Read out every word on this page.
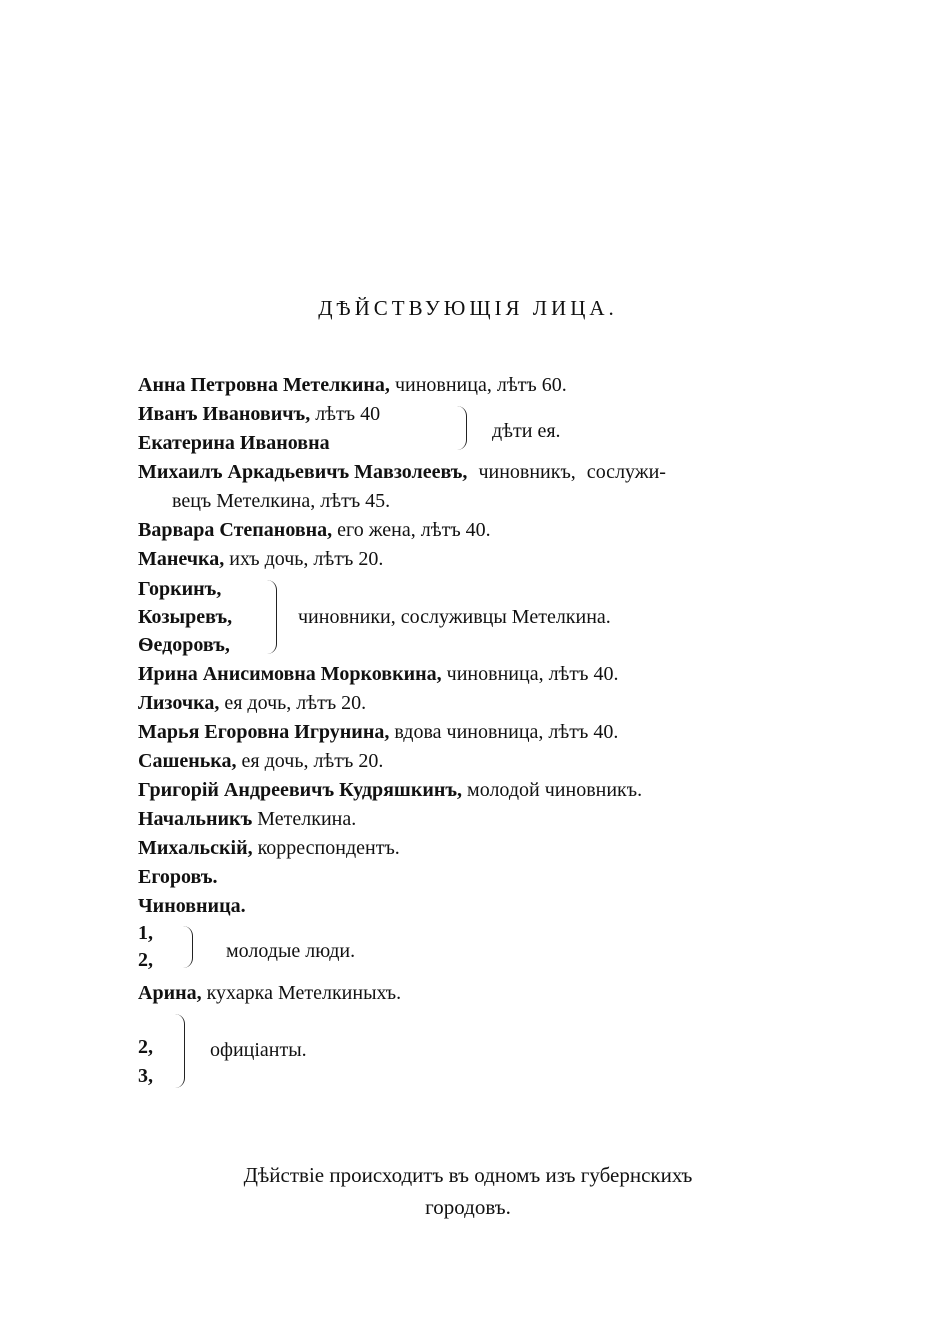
ДѢЙСТВУЮЩІЯ ЛИЦА.
Анна Петровна Метелкина, чиновница, лѣтъ 60.
Иванъ Ивановичъ, лѣтъ 40
Екатерина Ивановна
дѣти ея.
Михаилъ Аркадьевичъ Мавзолеевъ, чиновникъ, сослужи-
вецъ Метелкина, лѣтъ 45.
Варвара Степановна, его жена, лѣтъ 40.
Манечка, ихъ дочь, лѣтъ 20.
Горкинъ,
Козыревъ,
Ѳедоровъ,
чиновники, сослуживцы Метелкина.
Ирина Анисимовна Морковкина, чиновница, лѣтъ 40.
Лизочка, ея дочь, лѣтъ 20.
Марья Егоровна Игрунина, вдова чиновница, лѣтъ 40.
Сашенька, ея дочь, лѣтъ 20.
Григорій Андреевичъ Кудряшкинъ, молодой чиновникъ.
Начальникъ Метелкина.
Михальскій, корреспондентъ.
Егоровъ.
Чиновница.
1,
2,	молодые люди.
Арина, кухарка Метелкиныхъ.
2,
3,
офиціанты.
Дѣйствіе происходитъ въ одномъ изъ губернскихъ
городовъ.
